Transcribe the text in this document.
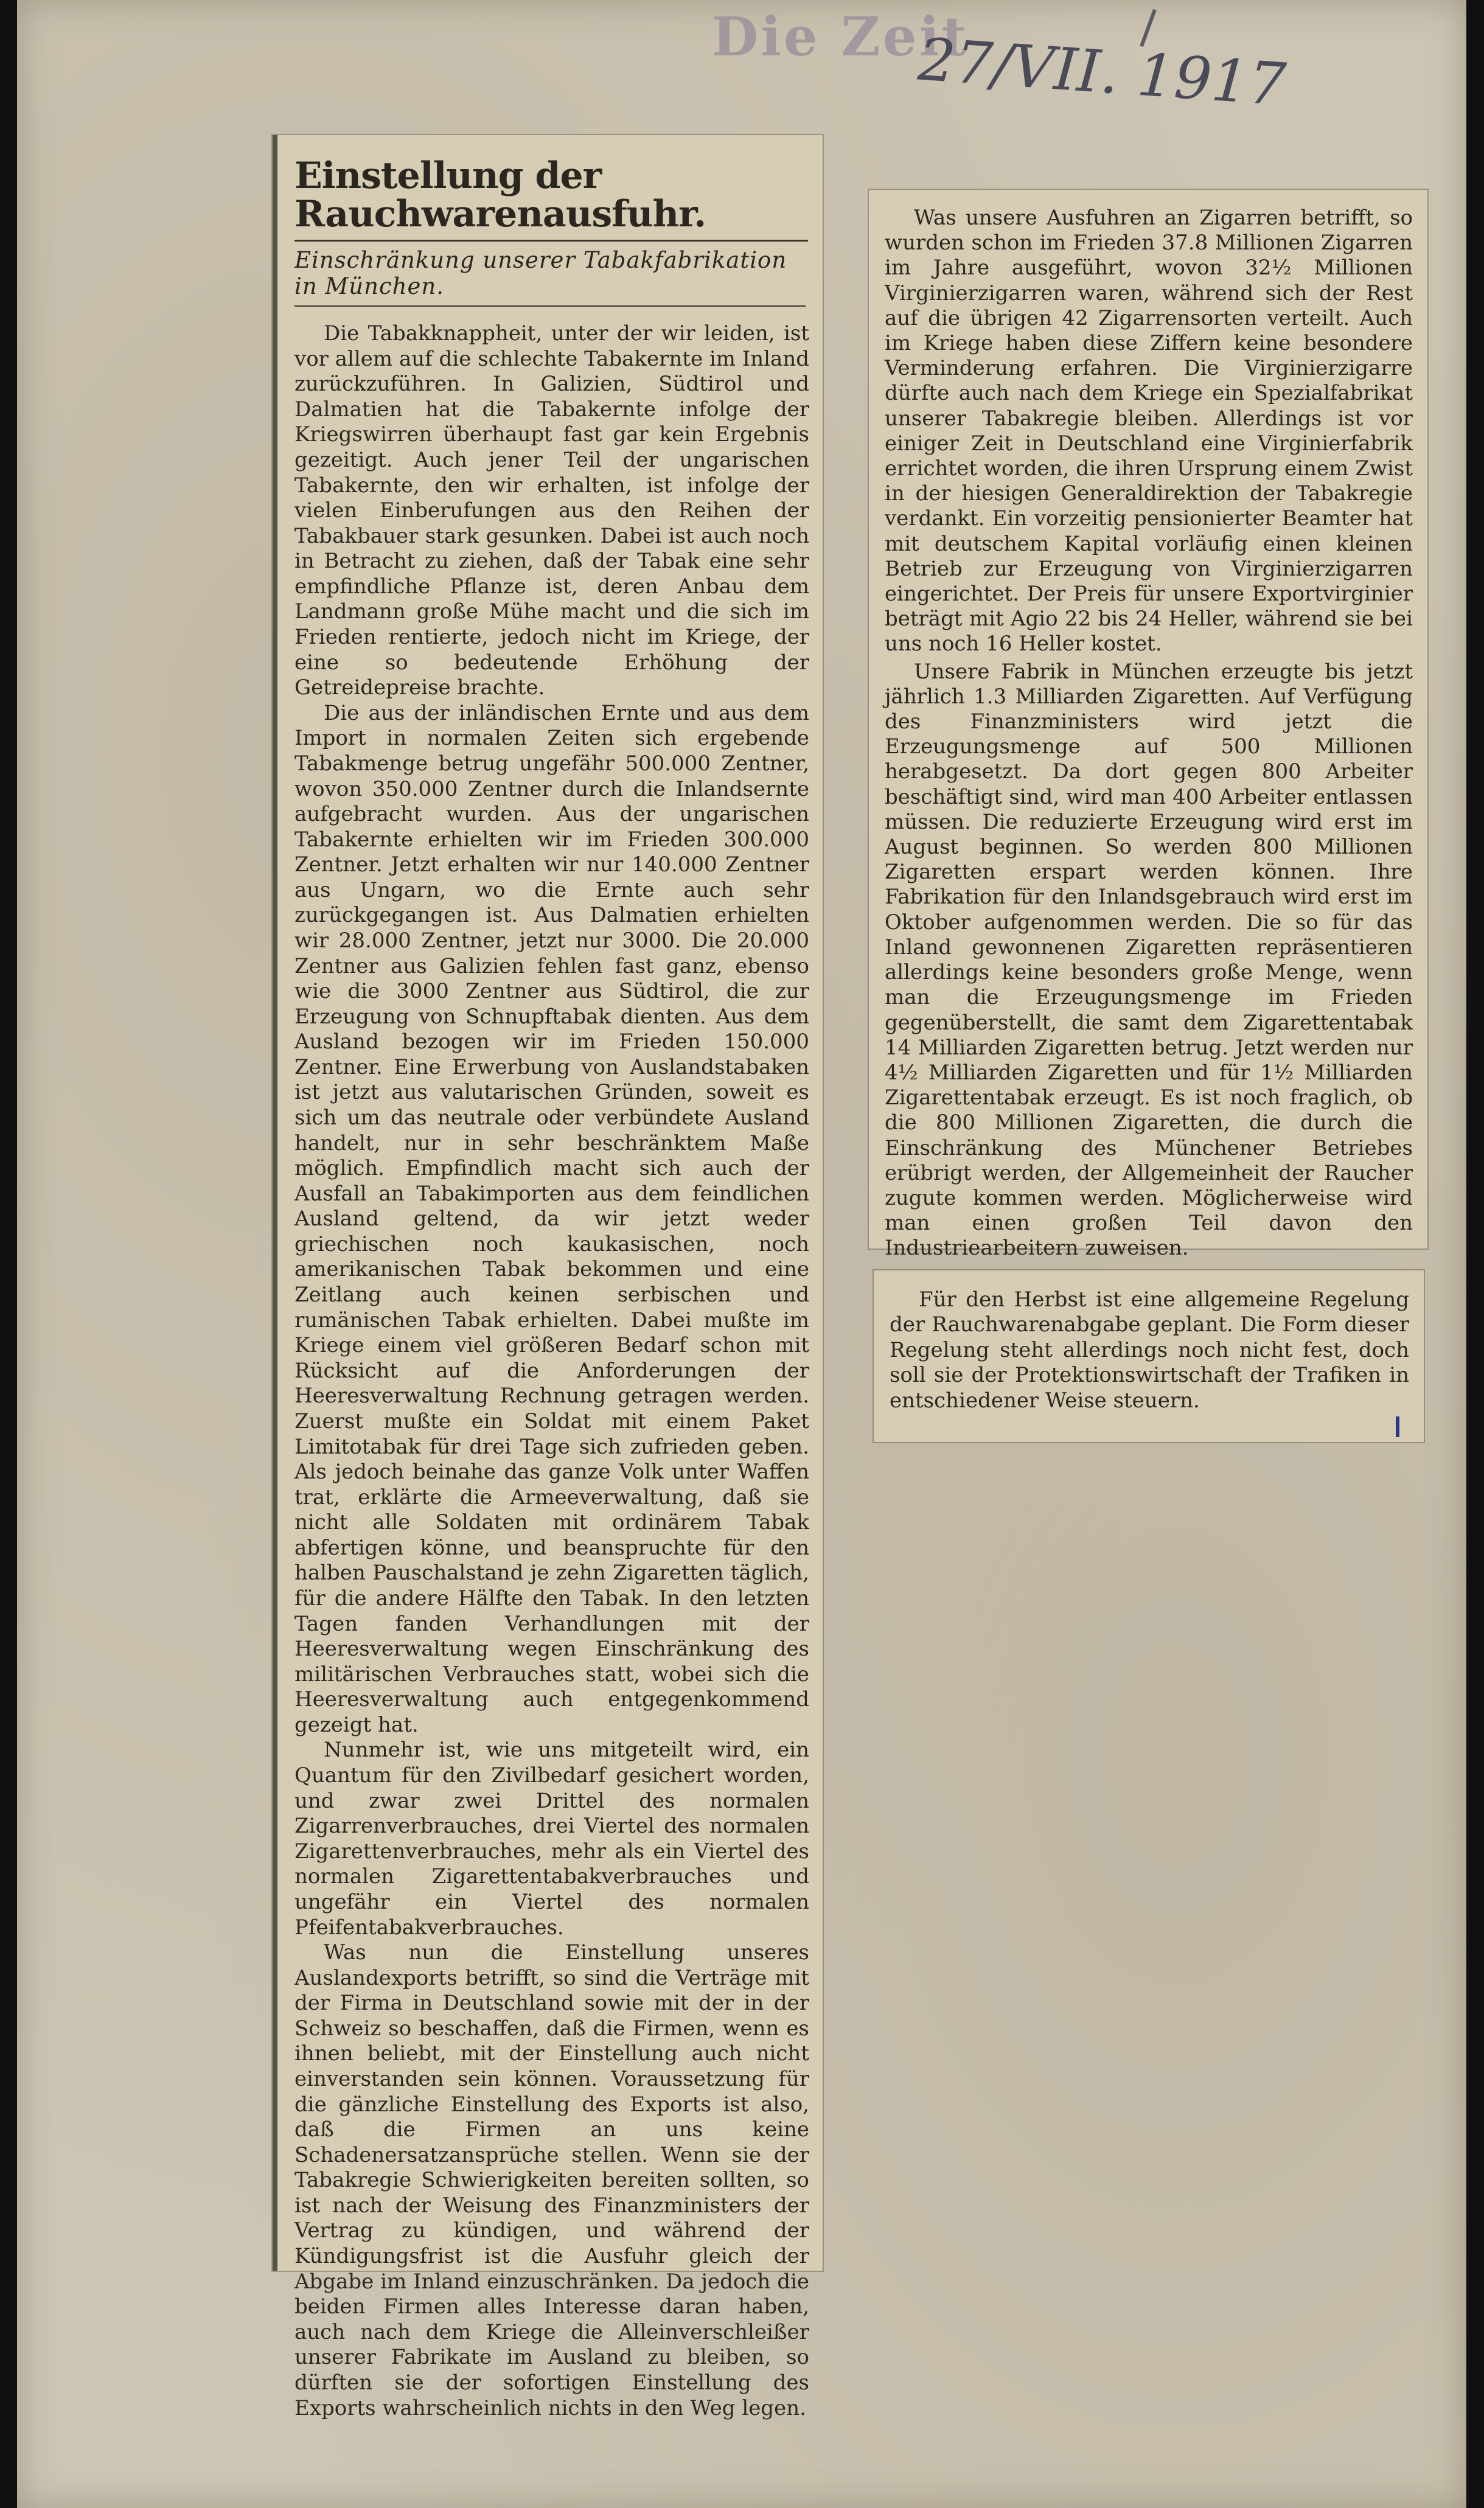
Die Zeit
27/VII. 1917
Einstellung der Rauchwarenausfuhr.
Einschränkung unserer Tabakfabrikation in München.

Die Tabakknappheit, unter der wir leiden, ist vor allem auf die schlechte Tabakernte im Inland zurückzuführen. In Galizien, Südtirol und Dalmatien hat die Tabakernte infolge der Kriegswirren überhaupt fast gar kein Ergebnis gezeitigt. Auch jener Teil der ungarischen Tabakernte, den wir erhalten, ist infolge der vielen Einberufungen aus den Reihen der Tabakbauer stark gesunken. Dabei ist auch noch in Betracht zu ziehen, daß der Tabak eine sehr empfindliche Pflanze ist, deren Anbau dem Landmann große Mühe macht und die sich im Frieden rentierte, jedoch nicht im Kriege, der eine so bedeutende Erhöhung der Getreidepreise brachte.

Die aus der inländischen Ernte und aus dem Import in normalen Zeiten sich ergebende Tabakmenge betrug ungefähr 500.000 Zentner, wovon 350.000 Zentner durch die Inlandsernte aufgebracht wurden. Aus der ungarischen Tabakernte erhielten wir im Frieden 300.000 Zentner. Jetzt erhalten wir nur 140.000 Zentner aus Ungarn, wo die Ernte auch sehr zurückgegangen ist. Aus Dalmatien erhielten wir 28.000 Zentner, jetzt nur 3000. Die 20.000 Zentner aus Galizien fehlen fast ganz, ebenso wie die 3000 Zentner aus Südtirol, die zur Erzeugung von Schnupftabak dienten. Aus dem Ausland bezogen wir im Frieden 150.000 Zentner. Eine Erwerbung von Auslandstabaken ist jetzt aus valutarischen Gründen, soweit es sich um das neutrale oder verbündete Ausland handelt, nur in sehr beschränktem Maße möglich. Empfindlich macht sich auch der Ausfall an Tabakimporten aus dem feindlichen Ausland geltend, da wir jetzt weder griechischen noch kaukasischen, noch amerikanischen Tabak bekommen und eine Zeitlang auch keinen serbischen und rumänischen Tabak erhielten. Dabei mußte im Kriege einem viel größeren Bedarf schon mit Rücksicht auf die Anforderungen der Heeresverwaltung Rechnung getragen werden. Zuerst mußte ein Soldat mit einem Paket Limitotabak für drei Tage sich zufrieden geben. Als jedoch beinahe das ganze Volk unter Waffen trat, erklärte die Armeeverwaltung, daß sie nicht alle Soldaten mit ordinärem Tabak abfertigen könne, und beanspruchte für den halben Pauschalstand je zehn Zigaretten täglich, für die andere Hälfte den Tabak. In den letzten Tagen fanden Verhandlungen mit der Heeresverwaltung wegen Einschränkung des militärischen Verbrauches statt, wobei sich die Heeresverwaltung auch entgegenkommend gezeigt hat.

Nunmehr ist, wie uns mitgeteilt wird, ein Quantum für den Zivilbedarf gesichert worden, und zwar zwei Drittel des normalen Zigarrenverbrauches, drei Viertel des normalen Zigarettenverbrauches, mehr als ein Viertel des normalen Zigarettentabakverbrauches und ungefähr ein Viertel des normalen Pfeifentabakverbrauches.

Was nun die Einstellung unseres Auslandexports betrifft, so sind die Verträge mit der Firma in Deutschland sowie mit der in der Schweiz so beschaffen, daß die Firmen, wenn es ihnen beliebt, mit der Einstellung auch nicht einverstanden sein können. Voraussetzung für die gänzliche Einstellung des Exports ist also, daß die Firmen an uns keine Schadenersatzansprüche stellen. Wenn sie der Tabakregie Schwierigkeiten bereiten sollten, so ist nach der Weisung des Finanzministers der Vertrag zu kündigen, und während der Kündigungsfrist ist die Ausfuhr gleich der Abgabe im Inland einzuschränken. Da jedoch die beiden Firmen alles Interesse daran haben, auch nach dem Kriege die Alleinverschleißer unserer Fabrikate im Ausland zu bleiben, so dürften sie der sofortigen Einstellung des Exports wahrscheinlich nichts in den Weg legen.

Was unsere Ausfuhren an Zigarren betrifft, so wurden schon im Frieden 37.8 Millionen Zigarren im Jahre ausgeführt, wovon 32½ Millionen Virginierzigarren waren, während sich der Rest auf die übrigen 42 Zigarrensorten verteilt. Auch im Kriege haben diese Ziffern keine besondere Verminderung erfahren. Die Virginierzigarre dürfte auch nach dem Kriege ein Spezialfabrikat unserer Tabakregie bleiben. Allerdings ist vor einiger Zeit in Deutschland eine Virginierfabrik errichtet worden, die ihren Ursprung einem Zwist in der hiesigen Generaldirektion der Tabakregie verdankt. Ein vorzeitig pensionierter Beamter hat mit deutschem Kapital vorläufig einen kleinen Betrieb zur Erzeugung von Virginierzigarren eingerichtet. Der Preis für unsere Exportvirginier beträgt mit Agio 22 bis 24 Heller, während sie bei uns noch 16 Heller kostet.

Unsere Fabrik in München erzeugte bis jetzt jährlich 1.3 Milliarden Zigaretten. Auf Verfügung des Finanzministers wird jetzt die Erzeugungsmenge auf 500 Millionen herabgesetzt. Da dort gegen 800 Arbeiter beschäftigt sind, wird man 400 Arbeiter entlassen müssen. Die reduzierte Erzeugung wird erst im August beginnen. So werden 800 Millionen Zigaretten erspart werden können. Ihre Fabrikation für den Inlandsgebrauch wird erst im Oktober aufgenommen werden. Die so für das Inland gewonnenen Zigaretten repräsentieren allerdings keine besonders große Menge, wenn man die Erzeugungsmenge im Frieden gegenüberstellt, die samt dem Zigarettentabak 14 Milliarden Zigaretten betrug. Jetzt werden nur 4½ Milliarden Zigaretten und für 1½ Milliarden Zigarettentabak erzeugt. Es ist noch fraglich, ob die 800 Millionen Zigaretten, die durch die Einschränkung des Münchener Betriebes erübrigt werden, der Allgemeinheit der Raucher zugute kommen werden. Möglicherweise wird man einen großen Teil davon den Industriearbeitern zuweisen.

Für den Herbst ist eine allgemeine Regelung der Rauchwarenabgabe geplant. Die Form dieser Regelung steht allerdings noch nicht fest, doch soll sie der Protektionswirtschaft der Trafiken in entschiedener Weise steuern.
